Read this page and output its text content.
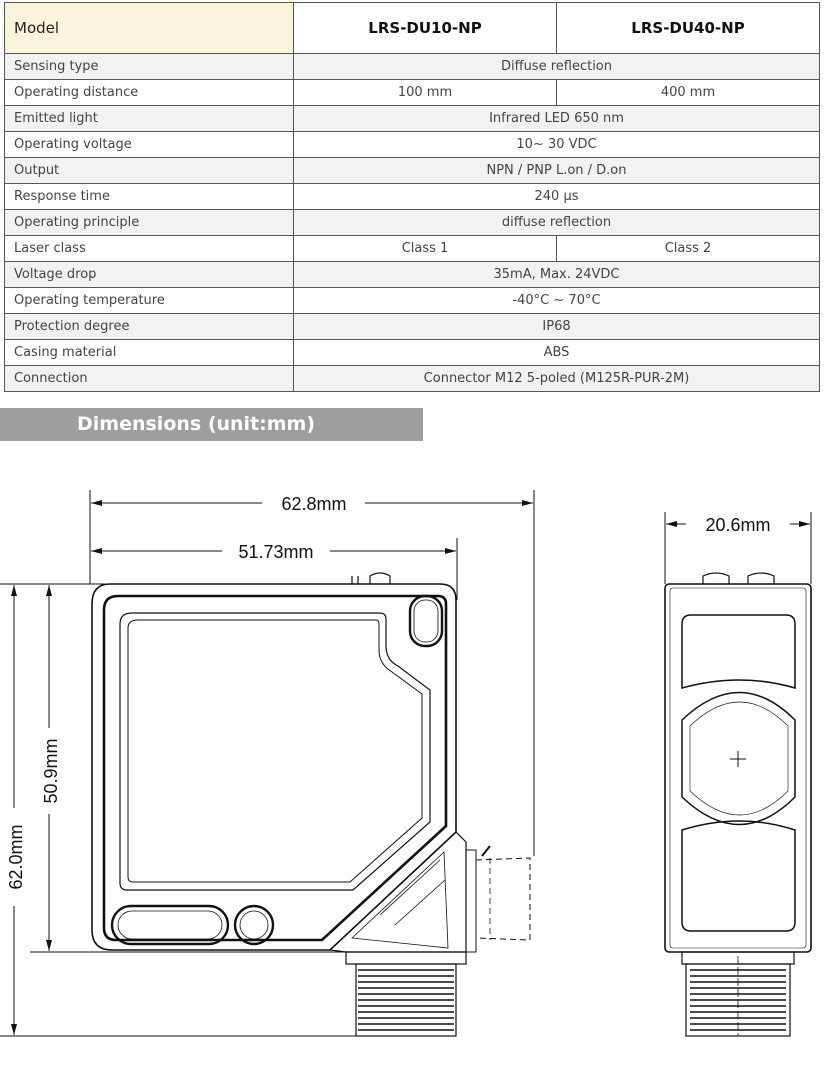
Model	LRS-DU10-NP	LRS-DU40-NP
Sensing type	Diffuse reflection	
Operating distance	100 mm	400 mm
Emitted light	Infrared LED 650 nm	
Operating voltage	10~ 30 VDC	
Output	NPN / PNP L.on / D.on	
Response time	240 µs	
Operating principle	diffuse reflection	
Laser class	Class 1	Class 2
Voltage drop	35mA, Max. 24VDC	
Operating temperature	-40°C ~ 70°C	
Protection degree	IP68	
Casing material	ABS	
Connection	Connector M12 5-poled (M125R-PUR-2M)	
Dimensions (unit:mm)
62.8mm
51.73mm
50.9mm
62.0mm
20.6mm
